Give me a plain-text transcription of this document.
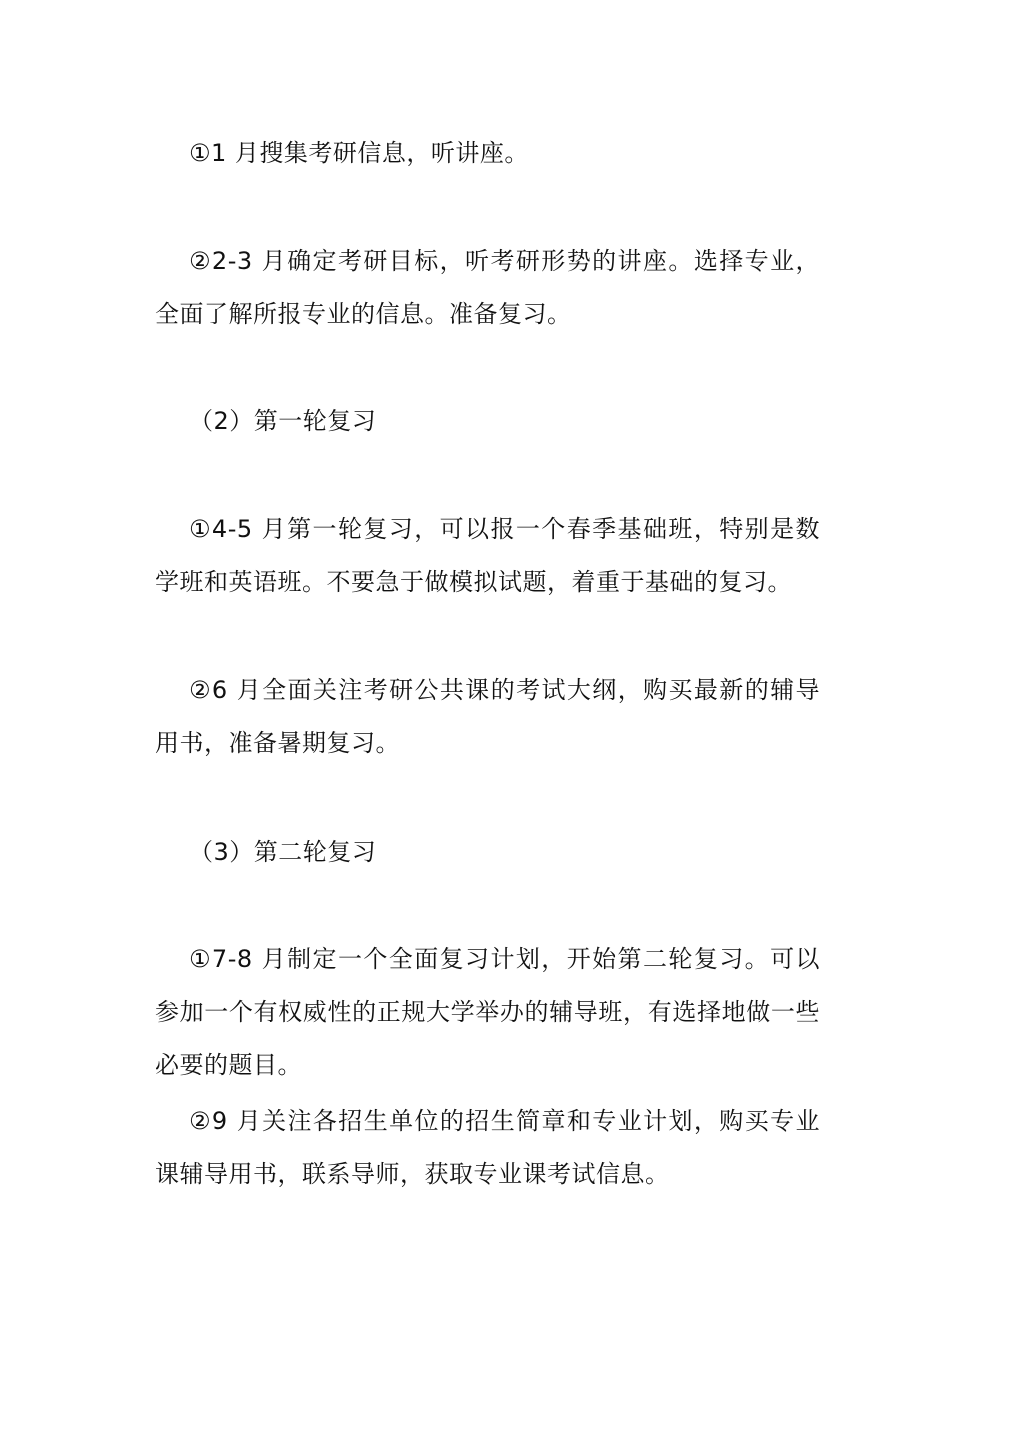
①1 月搜集考研信息，听讲座。

②2-3 月确定考研目标，听考研形势的讲座。选择专业，全面了解所报专业的信息。准备复习。

（2）第一轮复习

①4-5 月第一轮复习，可以报一个春季基础班，特别是数学班和英语班。不要急于做模拟试题，着重于基础的复习。

②6 月全面关注考研公共课的考试大纲，购买最新的辅导用书，准备暑期复习。

（3）第二轮复习

①7-8 月制定一个全面复习计划，开始第二轮复习。可以参加一个有权威性的正规大学举办的辅导班，有选择地做一些必要的题目。

②9 月关注各招生单位的招生简章和专业计划，购买专业课辅导用书，联系导师，获取专业课考试信息。
